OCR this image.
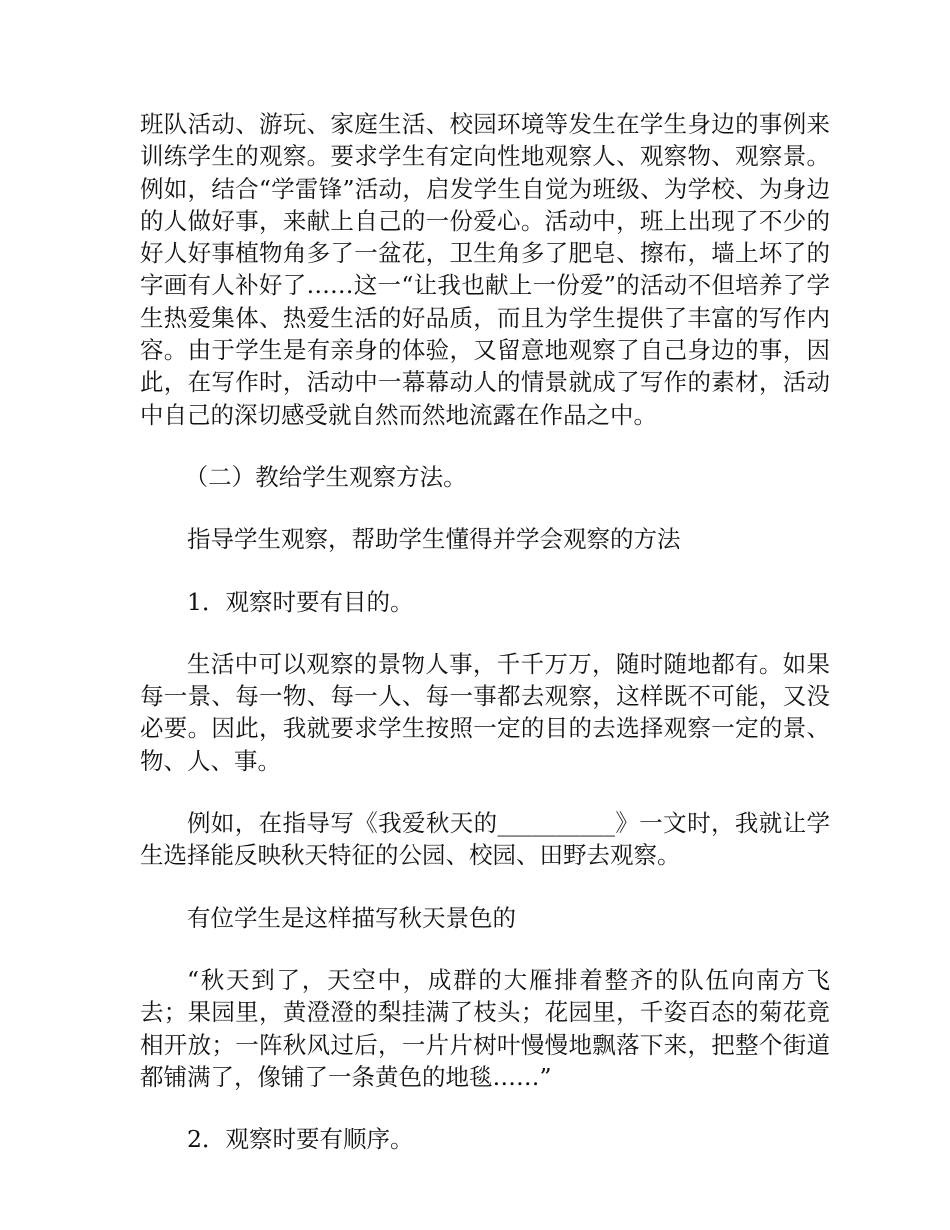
班队活动、游玩、家庭生活、校园环境等发生在学生身边的事例来训练学生的观察。要求学生有定向性地观察人、观察物、观察景。例如，结合“学雷锋”活动，启发学生自觉为班级、为学校、为身边的人做好事，来献上自己的一份爱心。活动中，班上出现了不少的好人好事植物角多了一盆花，卫生角多了肥皂、擦布，墙上坏了的字画有人补好了……这一“让我也献上一份爱”的活动不但培养了学生热爱集体、热爱生活的好品质，而且为学生提供了丰富的写作内容。由于学生是有亲身的体验，又留意地观察了自己身边的事，因此，在写作时，活动中一幕幕动人的情景就成了写作的素材，活动中自己的深切感受就自然而然地流露在作品之中。

（二）教给学生观察方法。

指导学生观察，帮助学生懂得并学会观察的方法

1．观察时要有目的。

生活中可以观察的景物人事，千千万万，随时随地都有。如果每一景、每一物、每一人、每一事都去观察，这样既不可能，又没必要。因此，我就要求学生按照一定的目的去选择观察一定的景、物、人、事。

例如，在指导写《我爱秋天的__________》一文时，我就让学生选择能反映秋天特征的公园、校园、田野去观察。

有位学生是这样描写秋天景色的

“秋天到了，天空中，成群的大雁排着整齐的队伍向南方飞去；果园里，黄澄澄的梨挂满了枝头；花园里，千姿百态的菊花竟相开放；一阵秋风过后，一片片树叶慢慢地飘落下来，把整个街道都铺满了，像铺了一条黄色的地毯……”

2．观察时要有顺序。
